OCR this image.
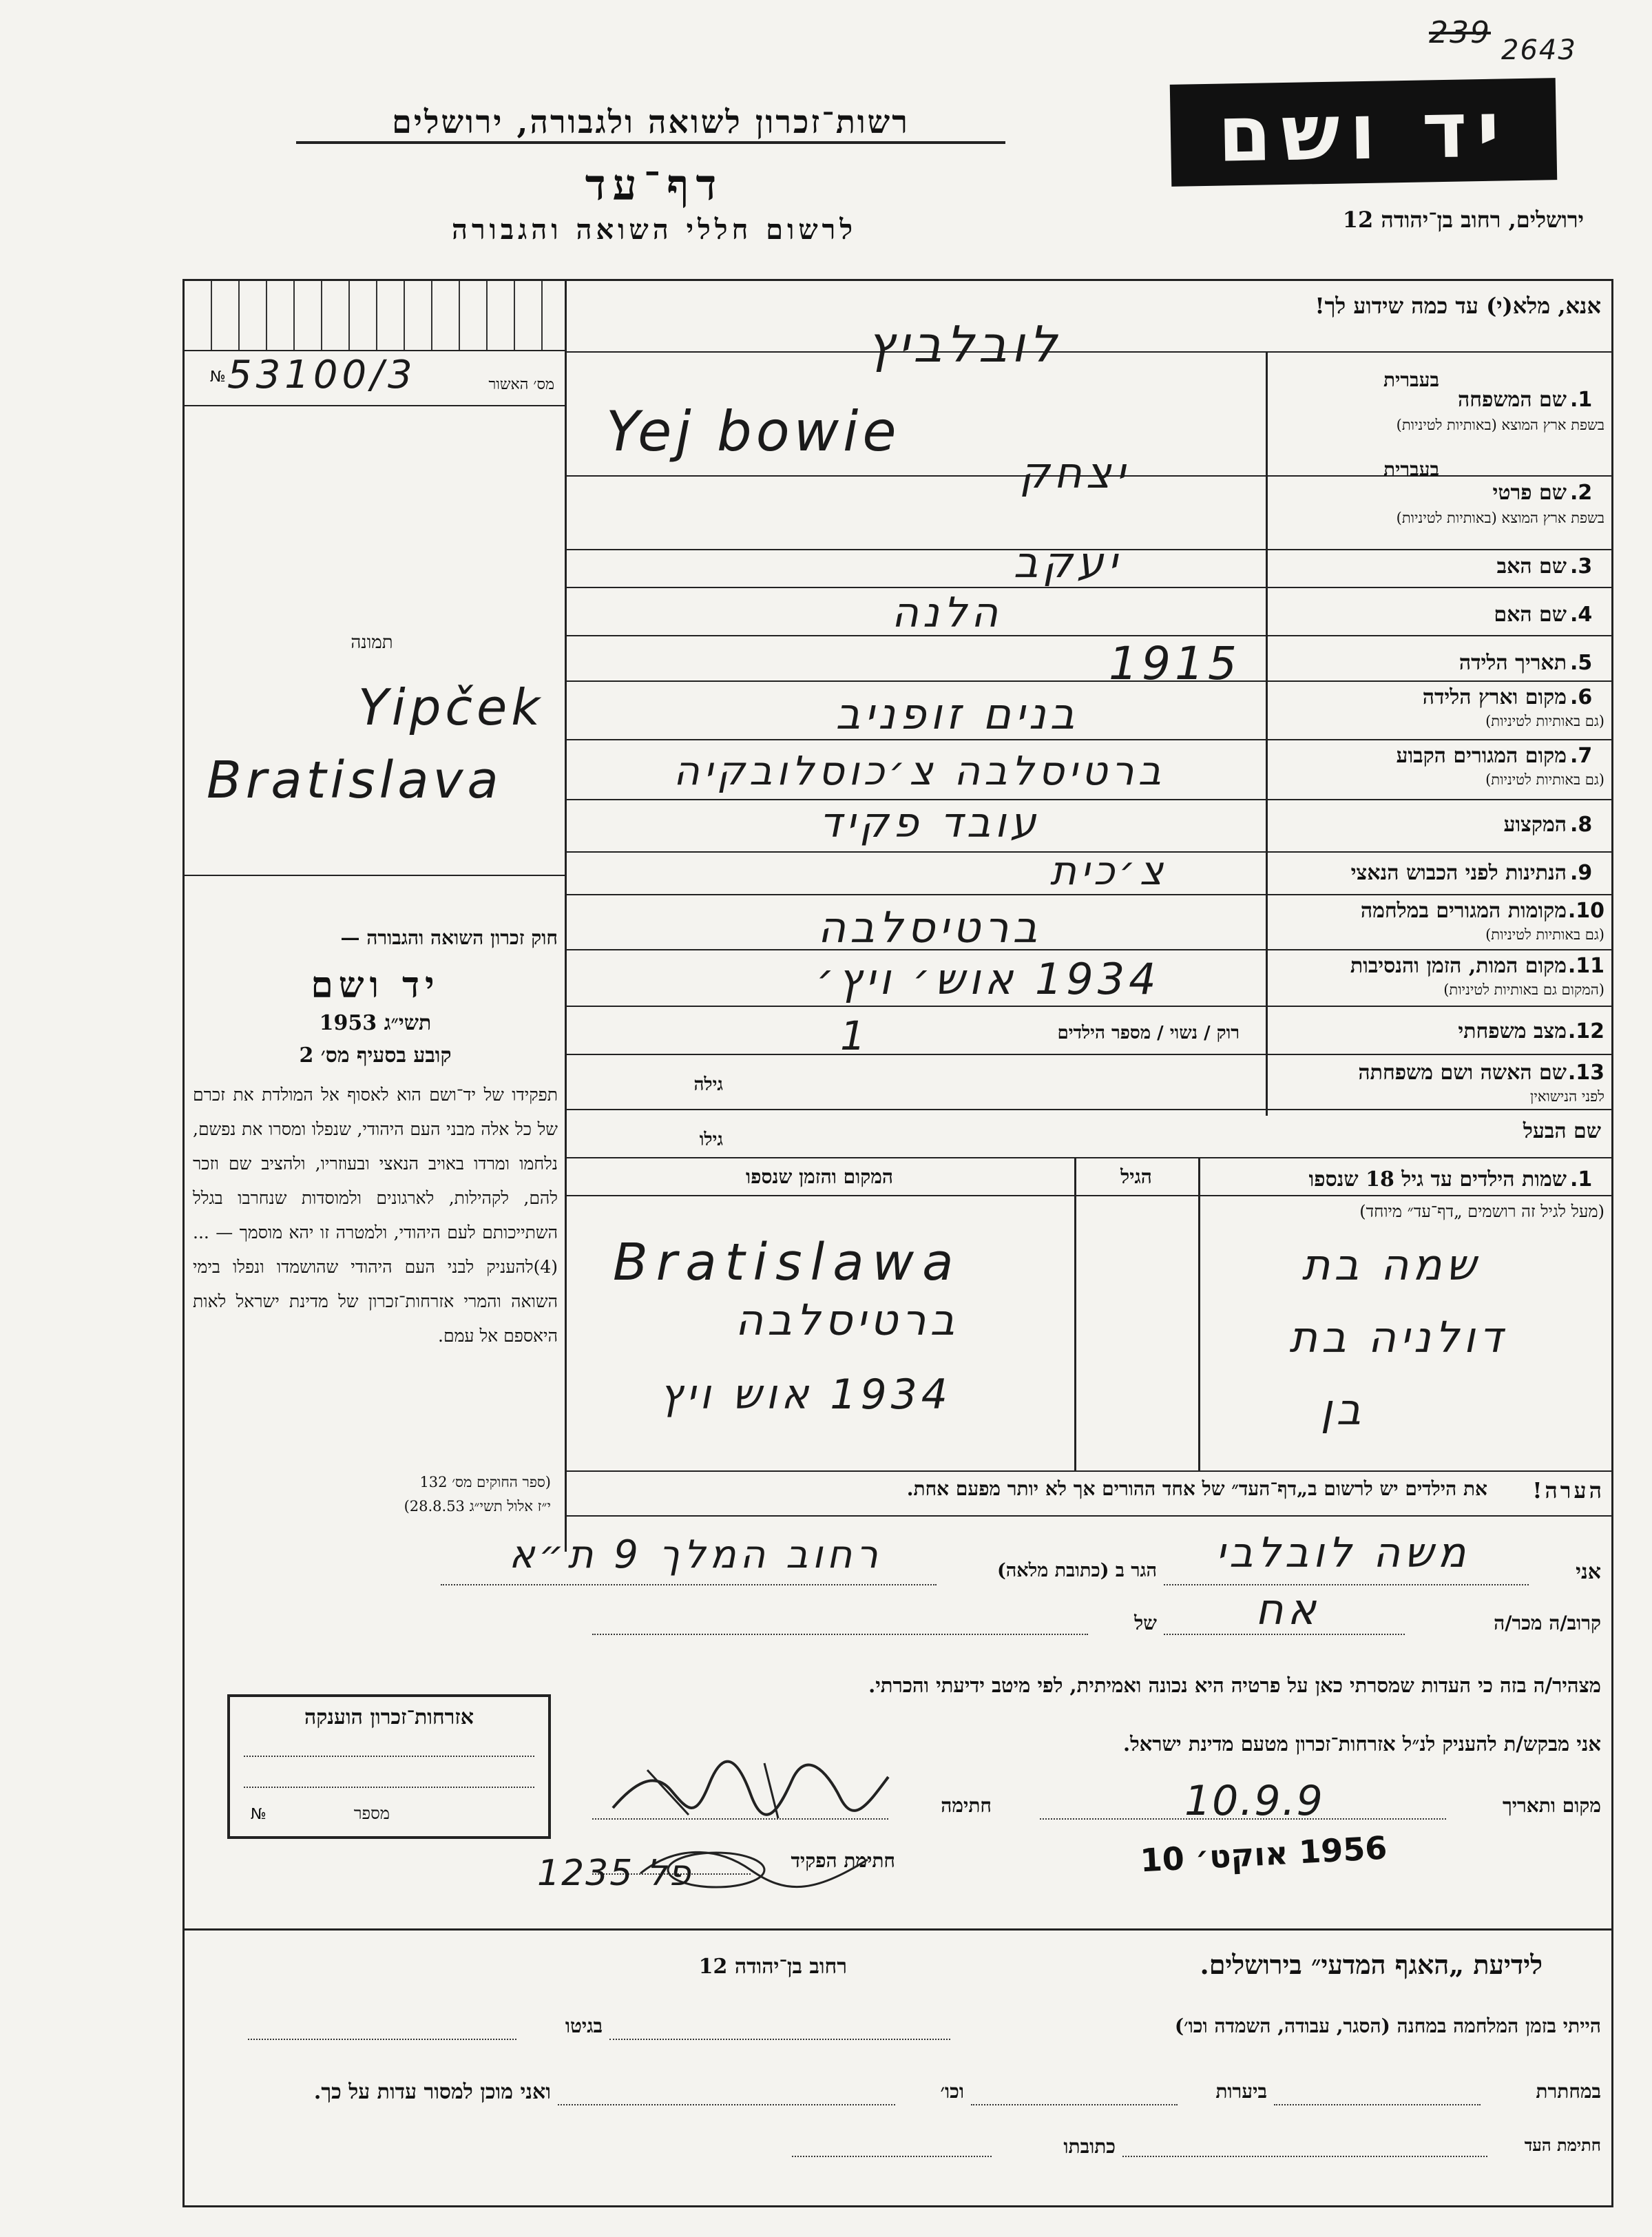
239 2643
יד ושם
ירושלים, רחוב בן־יהודה 12
רשות־זכרון לשואה ולגבורה, ירושלים
דף־עד
לרשום חללי השואה והגבורה
אנא, מלא(י) עד כמה שידוע לך!
№ 53100/3	מס׳ האשור
תמונה
Yipček
Bratislava
חוק זכרון השואה והגבורה —
יד ושם
תשי״ג 1953
קובע בסעיף מס׳ 2
תפקידו של יד־ושם הוא לאסוף אל המולדת את זכרם של כל אלה מבני העם היהודי, שנפלו ומסרו את נפשם, נלחמו ומרדו באויב הנאצי ובעוזריו, ולהציב שם וזכר להם, לקהילות, לארגונים ולמוסדות שנחרבו בגלל השתייכותם לעם היהודי, ולמטרה זו יהא מוסמך — ...(4)להעניק לבני העם היהודי שהושמדו ונפלו בימי השואה והמרי אזרחות־זכרון של מדינת ישראל לאות היאספם אל עמם.
(ספר החוקים מס׳ 132
י״ז אלול תשי״ג 28.8.53)
בעברית
שם המשפחה 1.
בשפת ארץ המוצא (באותיות לטיניות)
לובלביץ
Yej bowie
בעברית
שם פרטי 2.
בשפת ארץ המוצא (באותיות לטיניות)
יצחק
שם האב 3.
יעקב
שם האם 4.
הלנה
תאריך הלידה 5.
1915
מקום וארץ הלידה 6.
(גם באותיות לטיניות)
בנים זופניב
מקום המגורים הקבוע 7.
(גם באותיות לטיניות)
ברטיסלבה צ׳כוסלובקיה
המקצוע 8.
עובד פקיד
הנתינות לפני הכבוש הנאצי 9.
צ׳כית
מקומות המגורים במלחמה 10.
(גם באותיות לטיניות)
ברטיסלבה
מקום המות, הזמן והנסיבות 11.
(המקום גם באותיות לטיניות)
1934 אוש׳ ויץ׳
מצב משפחתי 12.
רוק / נשוי / מספר הילדים
1
שם האשה ושם משפחתה 13.
לפני הנישואין
גילה
שם הבעל
גילו
1.
שמות הילדים עד גיל 18 שנספו
(מעל לגיל זה רושמים „דף־עד״ מיוחד)
הגיל
המקום והזמן שנספו
שמה בת
דולניה בת
בן
Bratislawa
ברטיסלבה
1934 אוש ויץ
הערה!
את הילדים יש לרשום ב„דף־העד״ של אחד ההורים אך לא יותר מפעם אחת.
אני
משה לובלבי
הגר ב (כתובת מלאה)
רחוב המלך 9 ת״א
קרוב/ה מכר/ה
אח
של
מצהיר/ה בזה כי העדות שמסרתי כאן על פרטיה היא נכונה ואמיתית, לפי מיטב ידיעתי והכרתי.
אני מבקש/ת להעניק לנ״ל אזרחות־זכרון מטעם מדינת ישראל.
מקום ותאריך
10.9.9
חתימה
חתימת הפקיד
1235 פל	1956 אוקט׳ 10
אזרחות־זכרון הוענקה
מספר
№
לידיעת „האגף המדעי״ בירושלים.
רחוב בן־יהודה 12
הייתי בזמן המלחמה במחנה (הסגר, עבודה, השמדה וכו׳)
בגיטו
במחתרת
ביערות
וכו׳
ואני מוכן למסור עדות על כך.
חתימת העד
כתובתו
